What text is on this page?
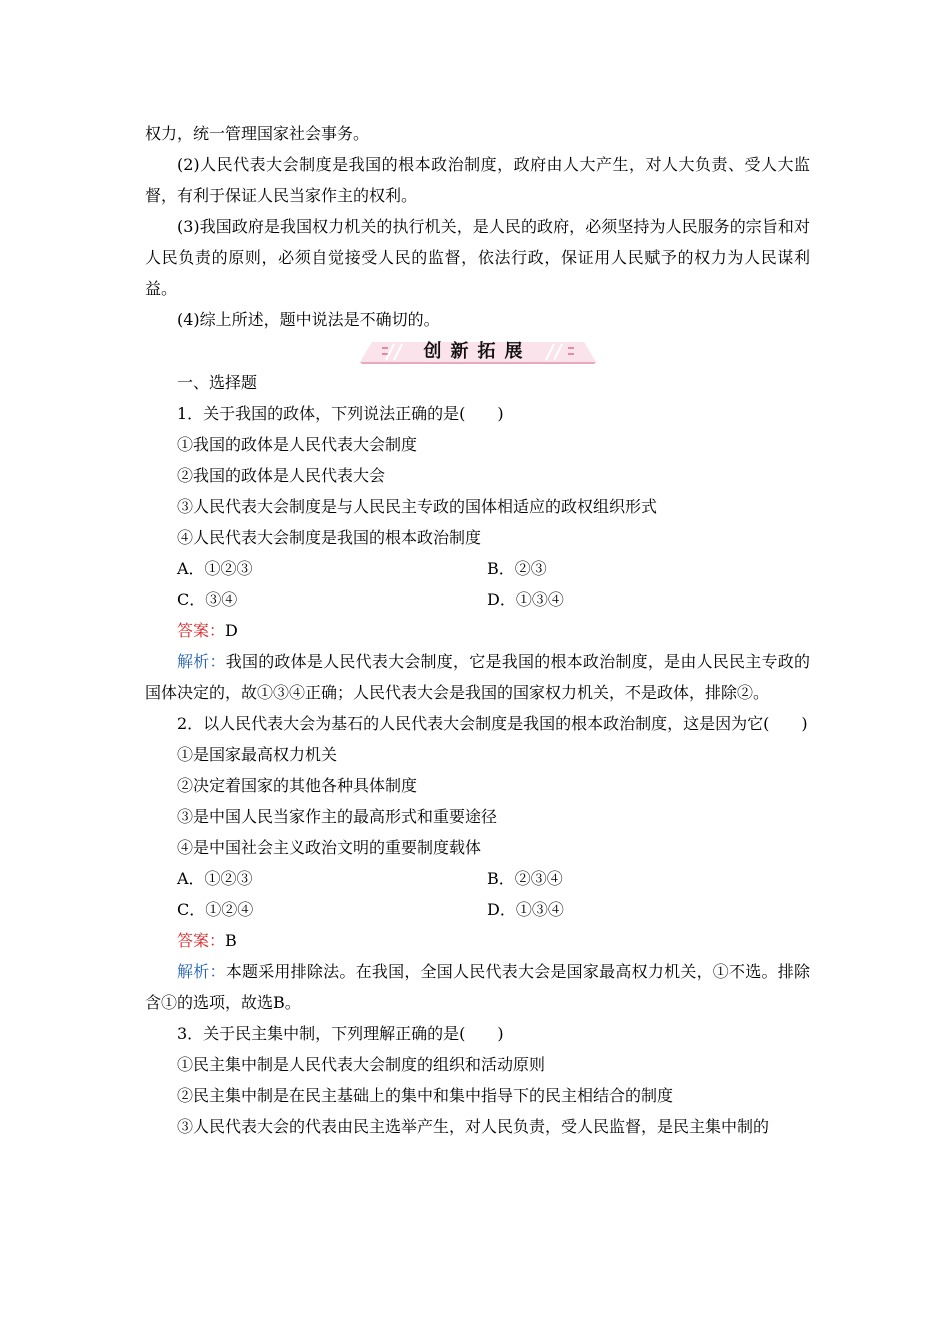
权力，统一管理国家社会事务。

(2)人民代表大会制度是我国的根本政治制度，政府由人大产生，对人大负责、受人大监督，有利于保证人民当家作主的权利。

(3)我国政府是我国权力机关的执行机关，是人民的政府，必须坚持为人民服务的宗旨和对人民负责的原则，必须自觉接受人民的监督，依法行政，保证用人民赋予的权力为人民谋利益。

(4)综上所述，题中说法是不确切的。

创新拓展

一、选择题

1．关于我国的政体，下列说法正确的是(　　)

①我国的政体是人民代表大会制度

②我国的政体是人民代表大会

③人民代表大会制度是与人民民主专政的国体相适应的政权组织形式

④人民代表大会制度是我国的根本政治制度

A．①②③	B．②③
C．③④	D．①③④

答案：D

解析：我国的政体是人民代表大会制度，它是我国的根本政治制度，是由人民民主专政的国体决定的，故①③④正确；人民代表大会是我国的国家权力机关，不是政体，排除②。

2．以人民代表大会为基石的人民代表大会制度是我国的根本政治制度，这是因为它(　　)

①是国家最高权力机关

②决定着国家的其他各种具体制度

③是中国人民当家作主的最高形式和重要途径

④是中国社会主义政治文明的重要制度载体

A．①②③	B．②③④
C．①②④	D．①③④

答案：B

解析：本题采用排除法。在我国，全国人民代表大会是国家最高权力机关，①不选。排除含①的选项，故选B。

3．关于民主集中制，下列理解正确的是(　　)

①民主集中制是人民代表大会制度的组织和活动原则

②民主集中制是在民主基础上的集中和集中指导下的民主相结合的制度

③人民代表大会的代表由民主选举产生，对人民负责，受人民监督，是民主集中制的
